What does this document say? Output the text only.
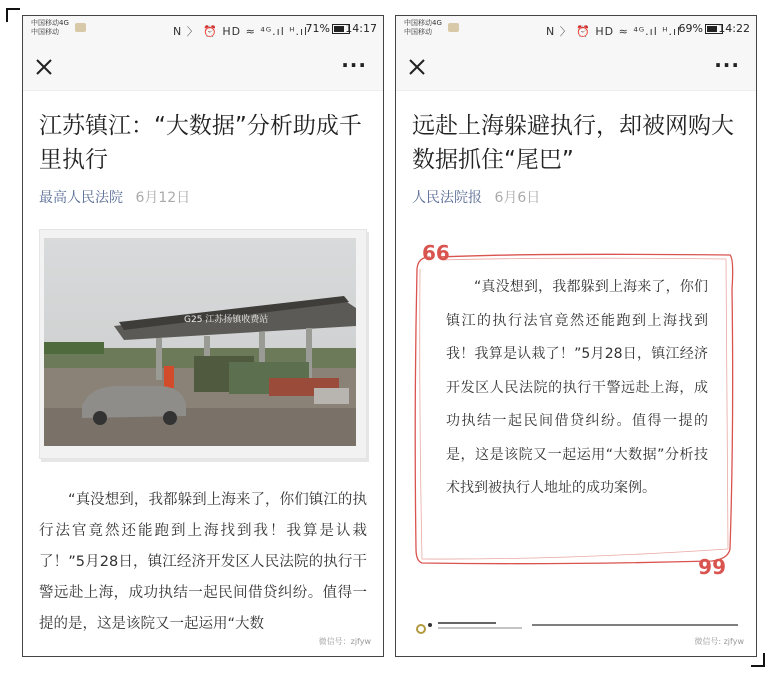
中国移动4G
中国移动	N 〉 ⏰ HD ≈ ⁴ᴳ.ıl ᴴ.ıl
71%	14:17
···
江苏镇江：“大数据”分析助成千里执行
最高人民法院 6月12日
G25 江苏扬镇收费站
“真没想到，我都躲到上海来了，你们镇江的执行法官竟然还能跑到上海找到我！我算是认栽了！”5月28日，镇江经济开发区人民法院的执行干警远赴上海，成功执结一起民间借贷纠纷。值得一提的是，这是该院又一起运用“大数
微信号：zjfyw
中国移动4G
中国移动	N 〉 ⏰ HD ≈ ⁴ᴳ.ıl ᴴ.ıl
69%	14:22
···
远赴上海躲避执行，却被网购大数据抓住“尾巴”
人民法院报 6月6日
66
“真没想到，我都躲到上海来了，你们镇江的执行法官竟然还能跑到上海找到我！我算是认栽了！”5月28日，镇江经济开发区人民法院的执行干警远赴上海，成功执结一起民间借贷纠纷。值得一提的是，这是该院又一起运用“大数据”分析技术找到被执行人地址的成功案例。
99
微信号: zjfyw
